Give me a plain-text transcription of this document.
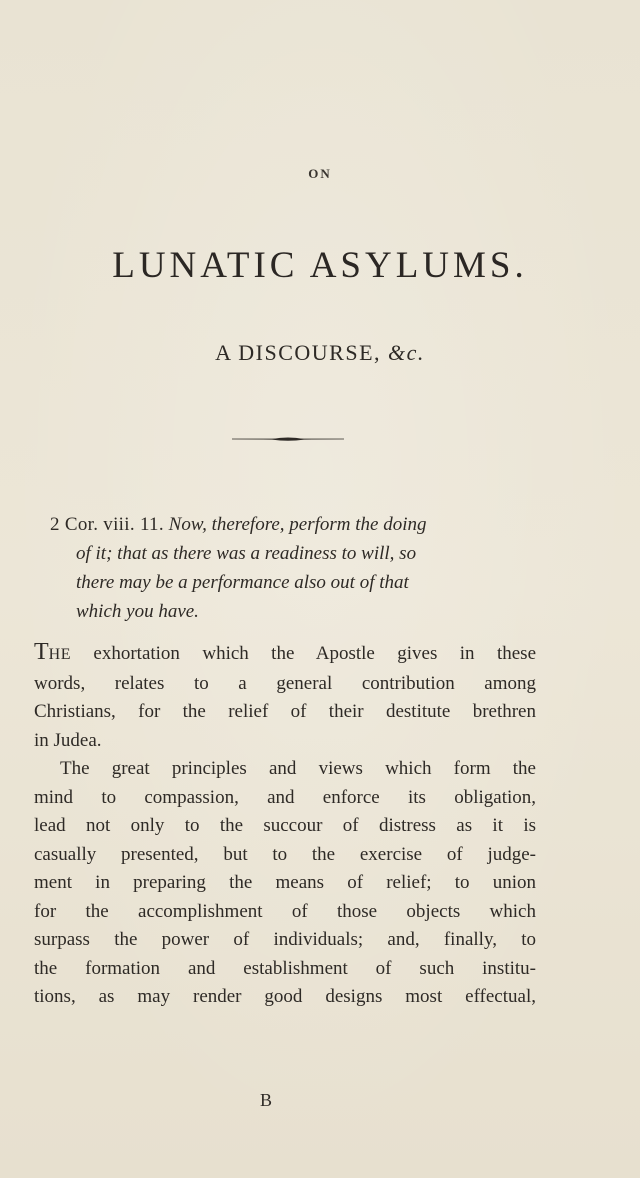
ON
LUNATIC ASYLUMS.
A DISCOURSE, &c.
2 Cor. viii. 11. Now, therefore, perform the doing
of it; that as there was a readiness to will, so
there may be a performance also out of that
which you have.
THE exhortation which the Apostle gives in these
words, relates to a general contribution among
Christians, for the relief of their destitute brethren
in Judea.
The great principles and views which form the
mind to compassion, and enforce its obligation,
lead not only to the succour of distress as it is
casually presented, but to the exercise of judge-
ment in preparing the means of relief; to union
for the accomplishment of those objects which
surpass the power of individuals; and, finally, to
the formation and establishment of such institu-
tions, as may render good designs most effectual,
B
